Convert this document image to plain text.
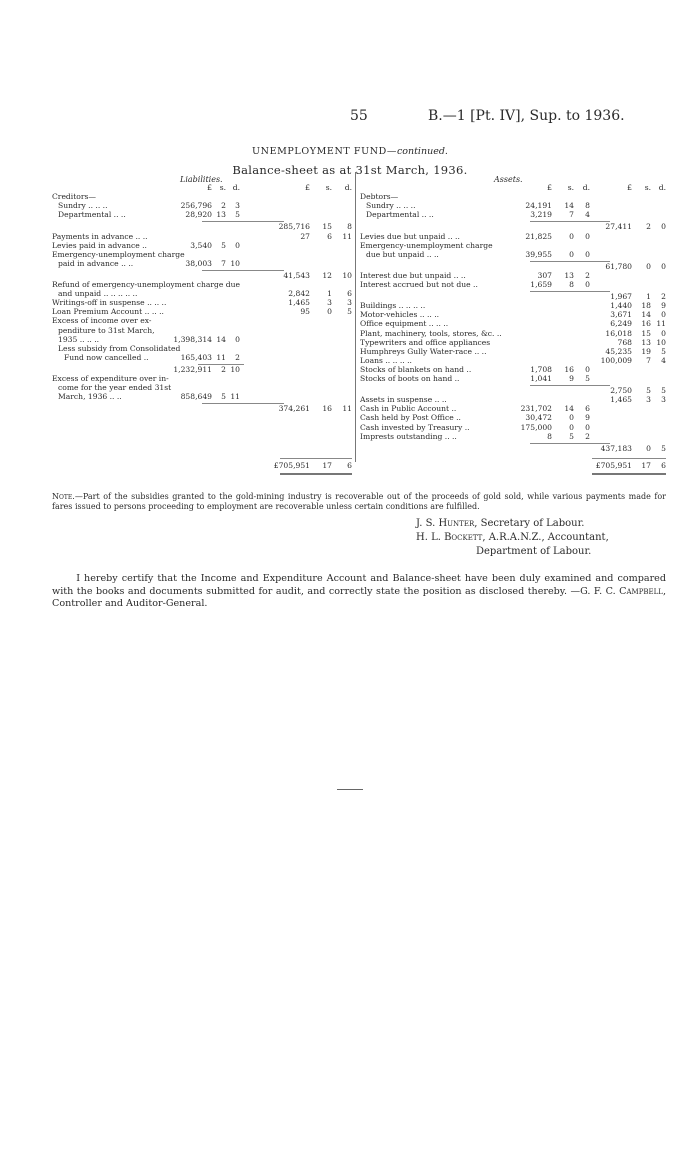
55	B.—1 [Pt. IV], Sup. to 1936.
UNEMPLOYMENT FUND—continued.
Balance-sheet as at 31st March, 1936.
Liabilities.	Assets.
£ s. d.	£ s. d.
Creditors—
Sundry .. .. ..	256,796 2 3
Departmental .. ..	28,920 13 5
285,716 15 8
Payments in advance .. ..	27 6 11
Levies paid in advance ..	3,540 5 0
Emergency-unemployment charge
paid in advance .. ..	38,003 7 10
41,543 12 10
Refund of emergency-unemployment charge due
and unpaid .. .. .. .. ..	2,842 1 6
Writings-off in suspense .. .. ..	1,465 3 3
Loan Premium Account .. .. ..	95 0 5
Excess of income over ex-
penditure to 31st March,
1935 .. .. ..	1,398,314 14 0
Less subsidy from Consolidated
Fund now cancelled ..	165,403 11 2
1,232,911 2 10
Excess of expenditure over in-
come for the year ended 31st
March, 1936 .. ..	858,649 5 11
374,261 16 11
£705,951 17 6
£ s. d.	£ s. d.
Debtors—
Sundry .. .. ..	24,191 14 8
Departmental .. ..	3,219 7 4
27,411 2 0
Levies due but unpaid .. ..	21,825 0 0
Emergency-unemployment charge
due but unpaid .. ..	39,955 0 0
61,780 0 0
Interest due but unpaid .. ..	307 13 2
Interest accrued but not due ..	1,659 8 0
1,967 1 2
Buildings .. .. .. ..	1,440 18 9
Motor-vehicles .. .. ..	3,671 14 0
Office equipment .. .. ..	6,249 16 11
Plant, machinery, tools, stores, &c. ..	16,018 15 0
Typewriters and office appliances	768 13 10
Humphreys Gully Water-race .. ..	45,235 19 5
Loans .. .. .. ..	100,009 7 4
Stocks of blankets on hand ..	1,708 16 0
Stocks of boots on hand ..	1,041 9 5
2,750 5 5
Assets in suspense .. ..	1,465 3 3
Cash in Public Account ..	231,702 14 6
Cash held by Post Office ..	30,472 0 9
Cash invested by Treasury ..	175,000 0 0
Imprests outstanding .. ..	8 5 2
437,183 0 5
£705,951 17 6
Note.—Part of the subsidies granted to the gold-mining industry is recoverable out of the proceeds of gold sold, while various payments made for fares issued to persons proceeding to employment are recoverable unless certain conditions are fulfilled.
J. S. Hunter, Secretary of Labour.
H. L. Bockett, A.R.A.N.Z., Accountant,
Department of Labour.
I hereby certify that the Income and Expenditure Account and Balance-sheet have been duly examined and compared with the books and documents submitted for audit, and correctly state the position as disclosed thereby. —G. F. C. Campbell, Controller and Auditor-General.
